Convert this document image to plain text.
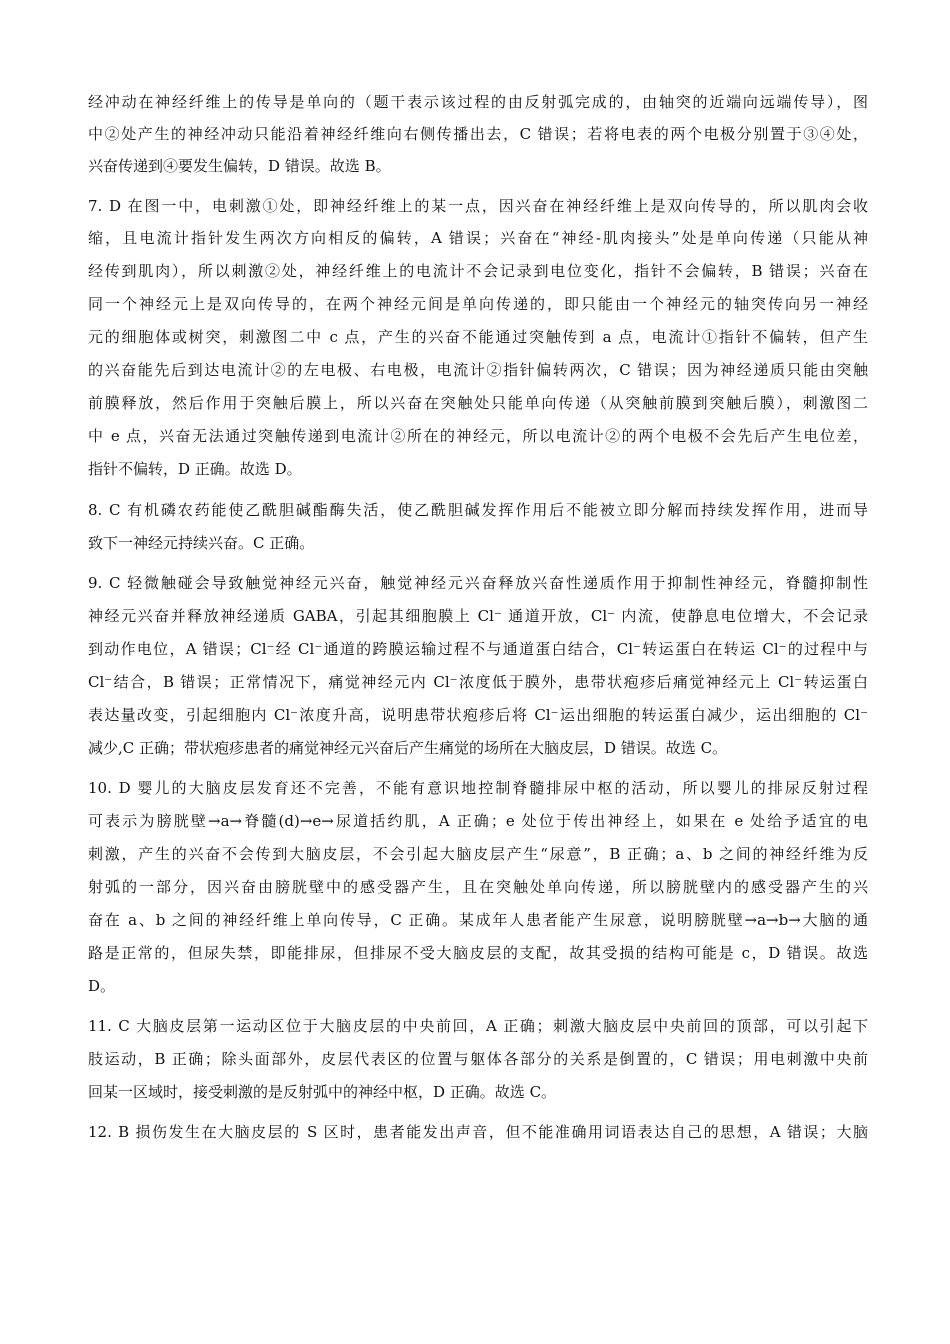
经冲动在神经纤维上的传导是单向的（题干表示该过程的由反射弧完成的，由轴突的近端向远端传导），图
中②处产生的神经冲动只能沿着神经纤维向右侧传播出去，C 错误；若将电表的两个电极分别置于③④处，
兴奋传递到④要发生偏转，D 错误。故选 B。
7. D 在图一中，电刺激①处，即神经纤维上的某一点，因兴奋在神经纤维上是双向传导的，所以肌肉会收
缩，且电流计指针发生两次方向相反的偏转，A 错误；兴奋在“神经-肌肉接头”处是单向传递（只能从神
经传到肌肉），所以刺激②处，神经纤维上的电流计不会记录到电位变化，指针不会偏转，B 错误；兴奋在
同一个神经元上是双向传导的，在两个神经元间是单向传递的，即只能由一个神经元的轴突传向另一神经
元的细胞体或树突，刺激图二中 c 点，产生的兴奋不能通过突触传到 a 点，电流计①指针不偏转，但产生
的兴奋能先后到达电流计②的左电极、右电极，电流计②指针偏转两次，C 错误；因为神经递质只能由突触
前膜释放，然后作用于突触后膜上，所以兴奋在突触处只能单向传递（从突触前膜到突触后膜），刺激图二
中 e 点，兴奋无法通过突触传递到电流计②所在的神经元，所以电流计②的两个电极不会先后产生电位差，
指针不偏转，D 正确。故选 D。
8. C 有机磷农药能使乙酰胆碱酯酶失活，使乙酰胆碱发挥作用后不能被立即分解而持续发挥作用，进而导
致下一神经元持续兴奋。C 正确。
9. C 轻微触碰会导致触觉神经元兴奋，触觉神经元兴奋释放兴奋性递质作用于抑制性神经元，脊髓抑制性
神经元兴奋并释放神经递质 GABA，引起其细胞膜上 Cl⁻ 通道开放，Cl⁻ 内流，使静息电位增大，不会记录
到动作电位，A 错误；Cl⁻经 Cl⁻通道的跨膜运输过程不与通道蛋白结合，Cl⁻转运蛋白在转运 Cl⁻的过程中与
Cl⁻结合，B 错误；正常情况下，痛觉神经元内 Cl⁻浓度低于膜外，患带状疱疹后痛觉神经元上 Cl⁻转运蛋白
表达量改变，引起细胞内 Cl⁻浓度升高，说明患带状疱疹后将 Cl⁻运出细胞的转运蛋白减少，运出细胞的 Cl⁻
减少,C 正确；带状疱疹患者的痛觉神经元兴奋后产生痛觉的场所在大脑皮层，D 错误。故选 C。
10. D 婴儿的大脑皮层发育还不完善，不能有意识地控制脊髓排尿中枢的活动，所以婴儿的排尿反射过程
可表示为膀胱壁→a→脊髓(d)→e→尿道括约肌，A 正确；e 处位于传出神经上，如果在 e 处给予适宜的电
刺激，产生的兴奋不会传到大脑皮层，不会引起大脑皮层产生“尿意”，B 正确；a、b 之间的神经纤维为反
射弧的一部分，因兴奋由膀胱壁中的感受器产生，且在突触处单向传递，所以膀胱壁内的感受器产生的兴
奋在 a、b 之间的神经纤维上单向传导，C 正确。某成年人患者能产生尿意，说明膀胱壁→a→b→大脑的通
路是正常的，但尿失禁，即能排尿，但排尿不受大脑皮层的支配，故其受损的结构可能是 c，D 错误。故选
D。
11. C 大脑皮层第一运动区位于大脑皮层的中央前回，A 正确；刺激大脑皮层中央前回的顶部，可以引起下
肢运动，B 正确；除头面部外，皮层代表区的位置与躯体各部分的关系是倒置的，C 错误；用电刺激中央前
回某一区域时，接受刺激的是反射弧中的神经中枢，D 正确。故选 C。
12. B 损伤发生在大脑皮层的 S 区时，患者能发出声音，但不能准确用词语表达自己的思想，A 错误；大脑
